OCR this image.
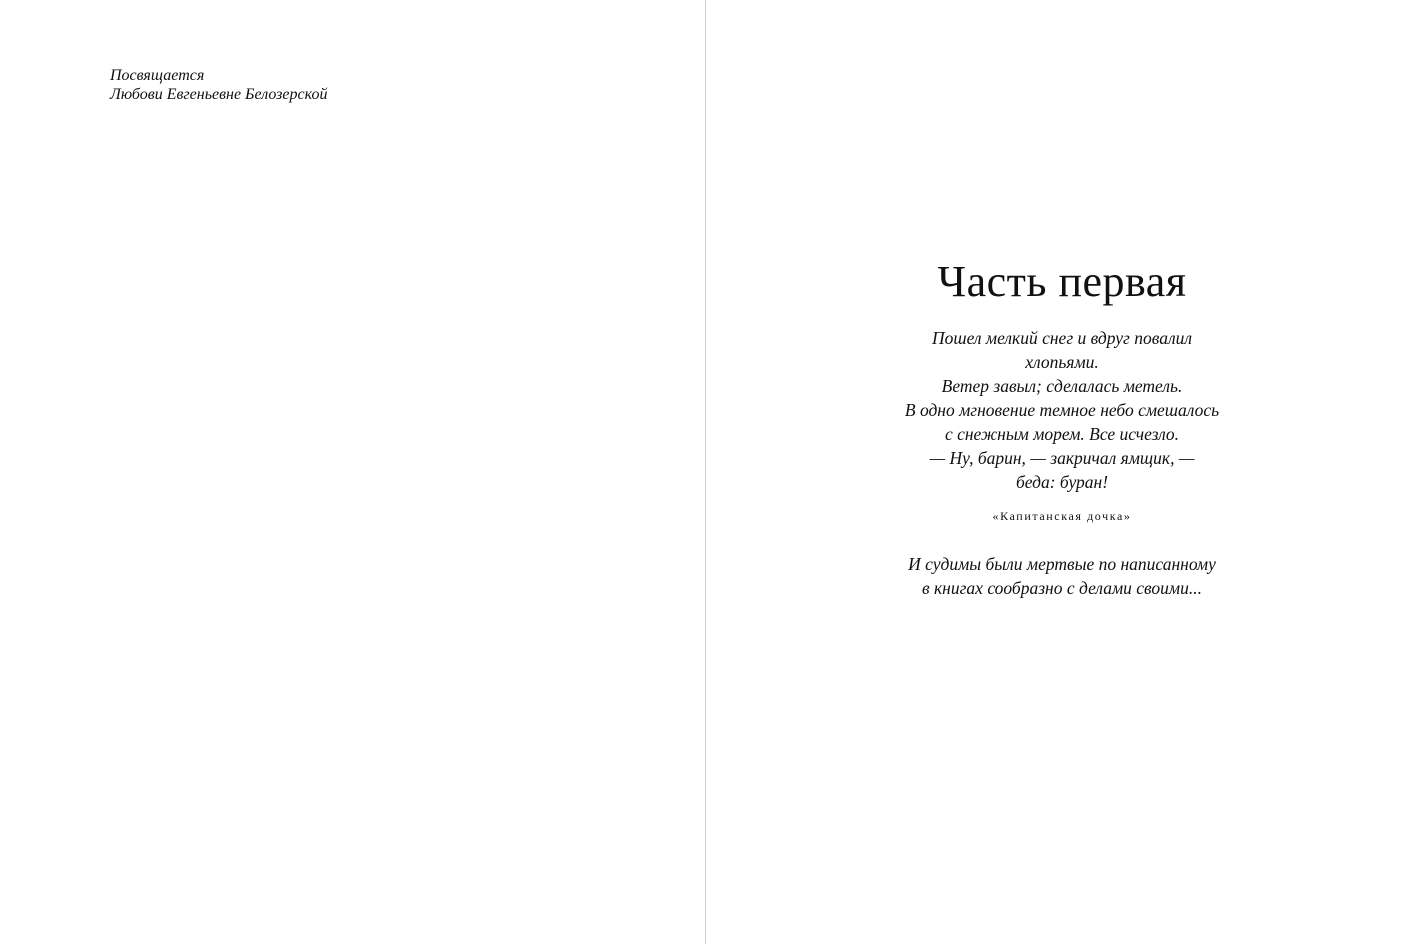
Посвящается
Любови Евгеньевне Белозерской
Часть первая
Пошел мелкий снег и вдруг повалил
хлопьями.
Ветер завыл; сделалась метель.
В одно мгновение темное небо смешалось
с снежным морем. Все исчезло.
— Ну, барин, — закричал ямщик, —
беда: буран!
«Капитанская дочка»
И судимы были мертвые по написанному
в книгах сообразно с делами своими...
